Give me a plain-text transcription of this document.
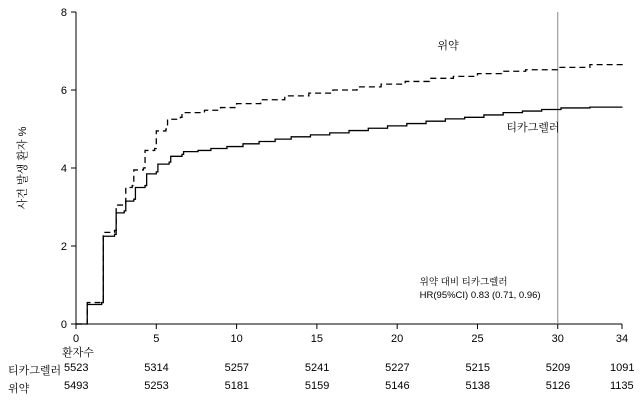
0
2
4
6
8
0	5	10	15	20	25	30	34
사건 발생 환자 %
위약
티카그렐러
위약 대비 티카그렐러
HR(95%CI) 0.83 (0.71, 0.96)
환자수
티카그렐러 5523	5314	5257	5241	5227	5215	5209	1091
위약	5493	5253	5181	5159	5146	5138	5126	1135
